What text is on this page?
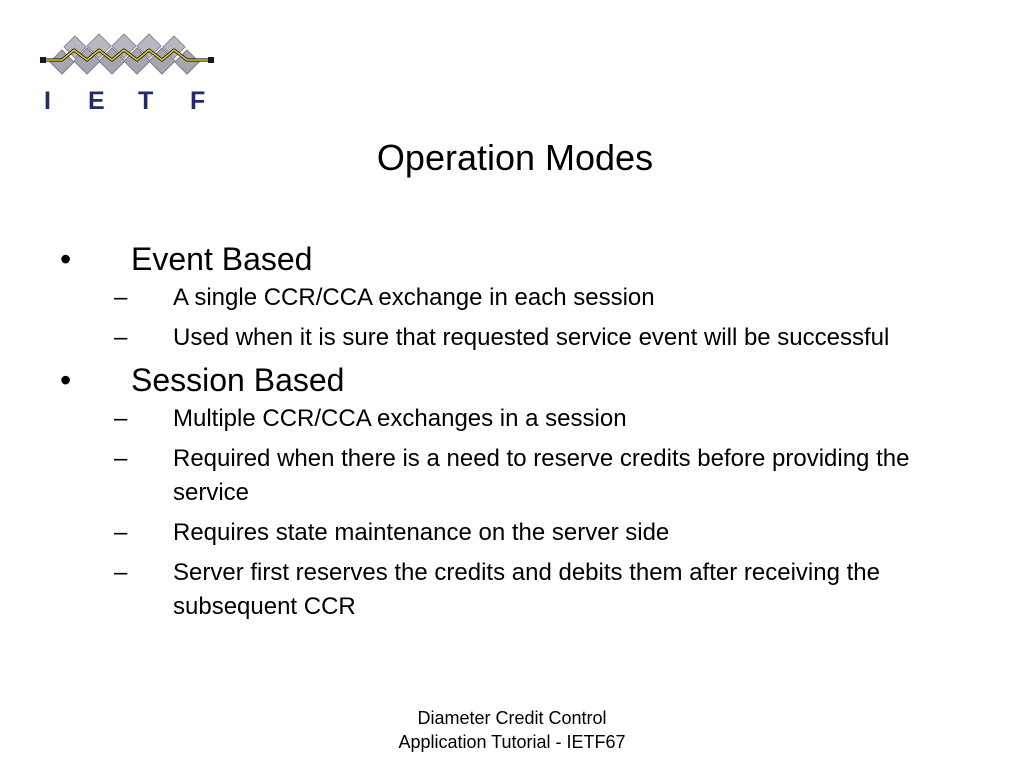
I E T F
Operation Modes
• Event Based
– A single CCR/CCA exchange in each session
– Used when it is sure that requested service event will be successful
• Session Based
– Multiple CCR/CCA exchanges in a session
– Required when there is a need to reserve credits before providing the service
– Requires state maintenance on the server side
– Server first reserves the credits and debits them after receiving the subsequent CCR
Diameter Credit Control
Application Tutorial - IETF67
